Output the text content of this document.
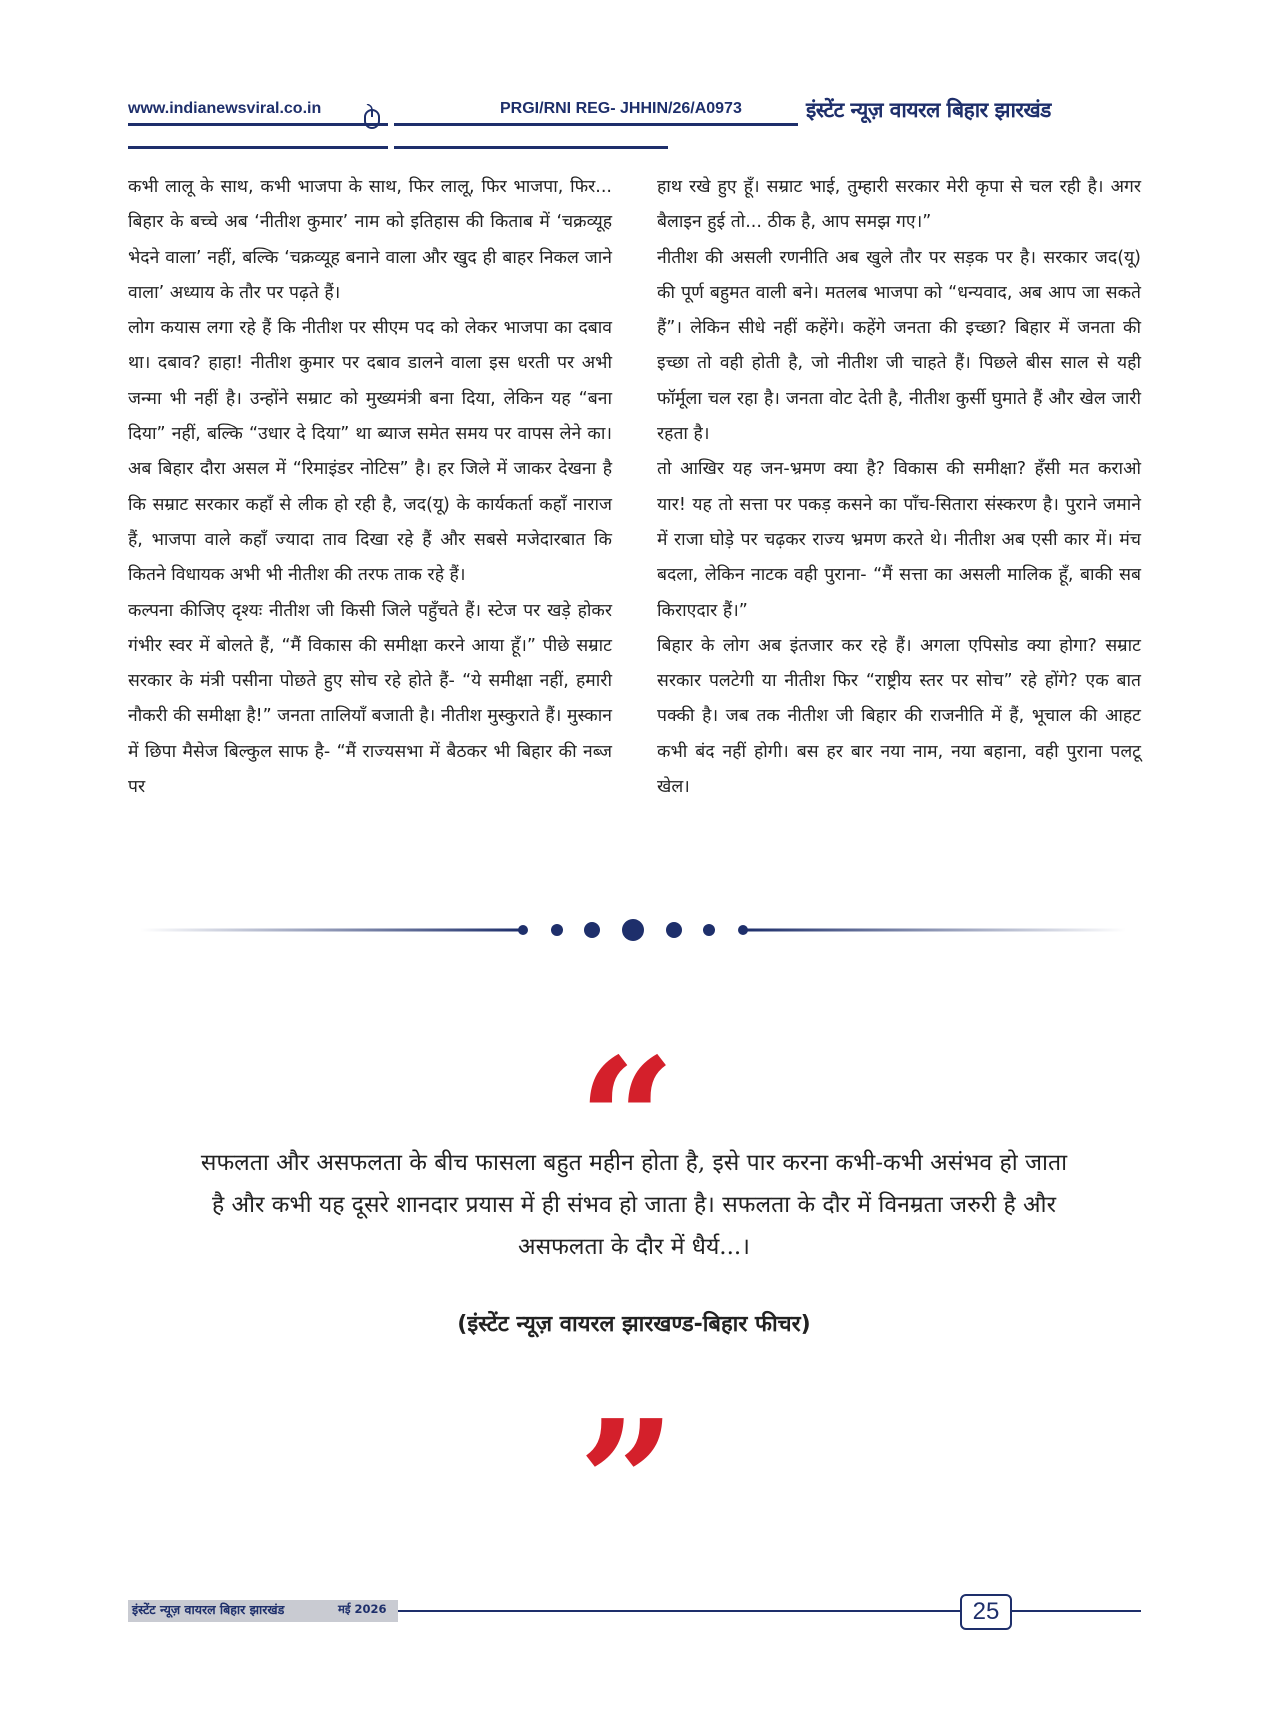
www.indianewsviral.co.in	PRGI/RNI REG- JHHIN/26/A0973	इंस्टेंट न्यूज़ वायरल बिहार झारखंड

कभी लालू के साथ, कभी भाजपा के साथ, फिर लालू, फिर भाजपा, फिर... बिहार के बच्चे अब ‘नीतीश कुमार’ नाम को इतिहास की किताब में ‘चक्रव्यूह भेदने वाला’ नहीं, बल्कि ‘चक्रव्यूह बनाने वाला और खुद ही बाहर निकल जाने वाला’ अध्याय के तौर पर पढ़ते हैं।

लोग कयास लगा रहे हैं कि नीतीश पर सीएम पद को लेकर भाजपा का दबाव था। दबाव? हाहा! नीतीश कुमार पर दबाव डालने वाला इस धरती पर अभी जन्मा भी नहीं है। उन्होंने सम्राट को मुख्यमंत्री बना दिया, लेकिन यह “बना दिया” नहीं, बल्कि “उधार दे दिया” था ब्याज समेत समय पर वापस लेने का। अब बिहार दौरा असल में “रिमाइंडर नोटिस” है। हर जिले में जाकर देखना है कि सम्राट सरकार कहाँ से लीक हो रही है, जद(यू) के कार्यकर्ता कहाँ नाराज हैं, भाजपा वाले कहाँ ज्यादा ताव दिखा रहे हैं और सबसे मजेदारबात कि कितने विधायक अभी भी नीतीश की तरफ ताक रहे हैं।

कल्पना कीजिए दृश्यः नीतीश जी किसी जिले पहुँचते हैं। स्टेज पर खड़े होकर गंभीर स्वर में बोलते हैं, “मैं विकास की समीक्षा करने आया हूँ।” पीछे सम्राट सरकार के मंत्री पसीना पोछते हुए सोच रहे होते हैं- “ये समीक्षा नहीं, हमारी नौकरी की समीक्षा है!” जनता तालियाँ बजाती है। नीतीश मुस्कुराते हैं। मुस्कान में छिपा मैसेज बिल्कुल साफ है- “मैं राज्यसभा में बैठकर भी बिहार की नब्ज पर

हाथ रखे हुए हूँ। सम्राट भाई, तुम्हारी सरकार मेरी कृपा से चल रही है। अगर बैलाइन हुई तो... ठीक है, आप समझ गए।”

नीतीश की असली रणनीति अब खुले तौर पर सड़क पर है। सरकार जद(यू) की पूर्ण बहुमत वाली बने। मतलब भाजपा को “धन्यवाद, अब आप जा सकते हैं”। लेकिन सीधे नहीं कहेंगे। कहेंगे जनता की इच्छा? बिहार में जनता की इच्छा तो वही होती है, जो नीतीश जी चाहते हैं। पिछले बीस साल से यही फॉर्मूला चल रहा है। जनता वोट देती है, नीतीश कुर्सी घुमाते हैं और खेल जारी रहता है।

तो आखिर यह जन-भ्रमण क्या है? विकास की समीक्षा? हँसी मत कराओ यार! यह तो सत्ता पर पकड़ कसने का पाँच-सितारा संस्करण है। पुराने जमाने में राजा घोड़े पर चढ़कर राज्य भ्रमण करते थे। नीतीश अब एसी कार में। मंच बदला, लेकिन नाटक वही पुराना- “मैं सत्ता का असली मालिक हूँ, बाकी सब किराएदार हैं।”

बिहार के लोग अब इंतजार कर रहे हैं। अगला एपिसोड क्या होगा? सम्राट सरकार पलटेगी या नीतीश फिर “राष्ट्रीय स्तर पर सोच” रहे होंगे? एक बात पक्की है। जब तक नीतीश जी बिहार की राजनीति में हैं, भूचाल की आहट कभी बंद नहीं होगी। बस हर बार नया नाम, नया बहाना, वही पुराना पलटू खेल।

“
सफलता और असफलता के बीच फासला बहुत महीन होता है, इसे पार करना कभी-कभी असंभव हो जाता है और कभी यह दूसरे शानदार प्रयास में ही संभव हो जाता है। सफलता के दौर में विनम्रता जरुरी है और असफलता के दौर में धैर्य...।
(इंस्टेंट न्यूज़ वायरल झारखण्ड-बिहार फीचर)
”
इंस्टेंट न्यूज़ वायरल बिहार झारखंड	मई 2026	25
